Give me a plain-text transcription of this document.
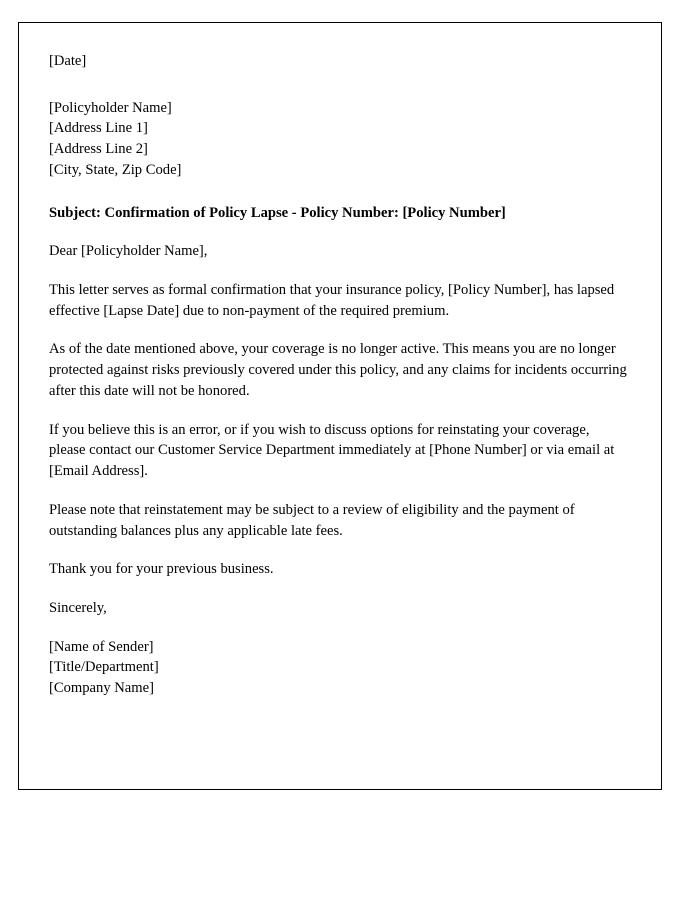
[Date]
[Policyholder Name]
[Address Line 1]
[Address Line 2]
[City, State, Zip Code]

Subject: Confirmation of Policy Lapse - Policy Number: [Policy Number]

Dear [Policyholder Name],

This letter serves as formal confirmation that your insurance policy, [Policy Number], has lapsed effective [Lapse Date] due to non-payment of the required premium.

As of the date mentioned above, your coverage is no longer active. This means you are no longer protected against risks previously covered under this policy, and any claims for incidents occurring after this date will not be honored.

If you believe this is an error, or if you wish to discuss options for reinstating your coverage, please contact our Customer Service Department immediately at [Phone Number] or via email at [Email Address].

Please note that reinstatement may be subject to a review of eligibility and the payment of outstanding balances plus any applicable late fees.

Thank you for your previous business.

Sincerely,

[Name of Sender]
[Title/Department]
[Company Name]
